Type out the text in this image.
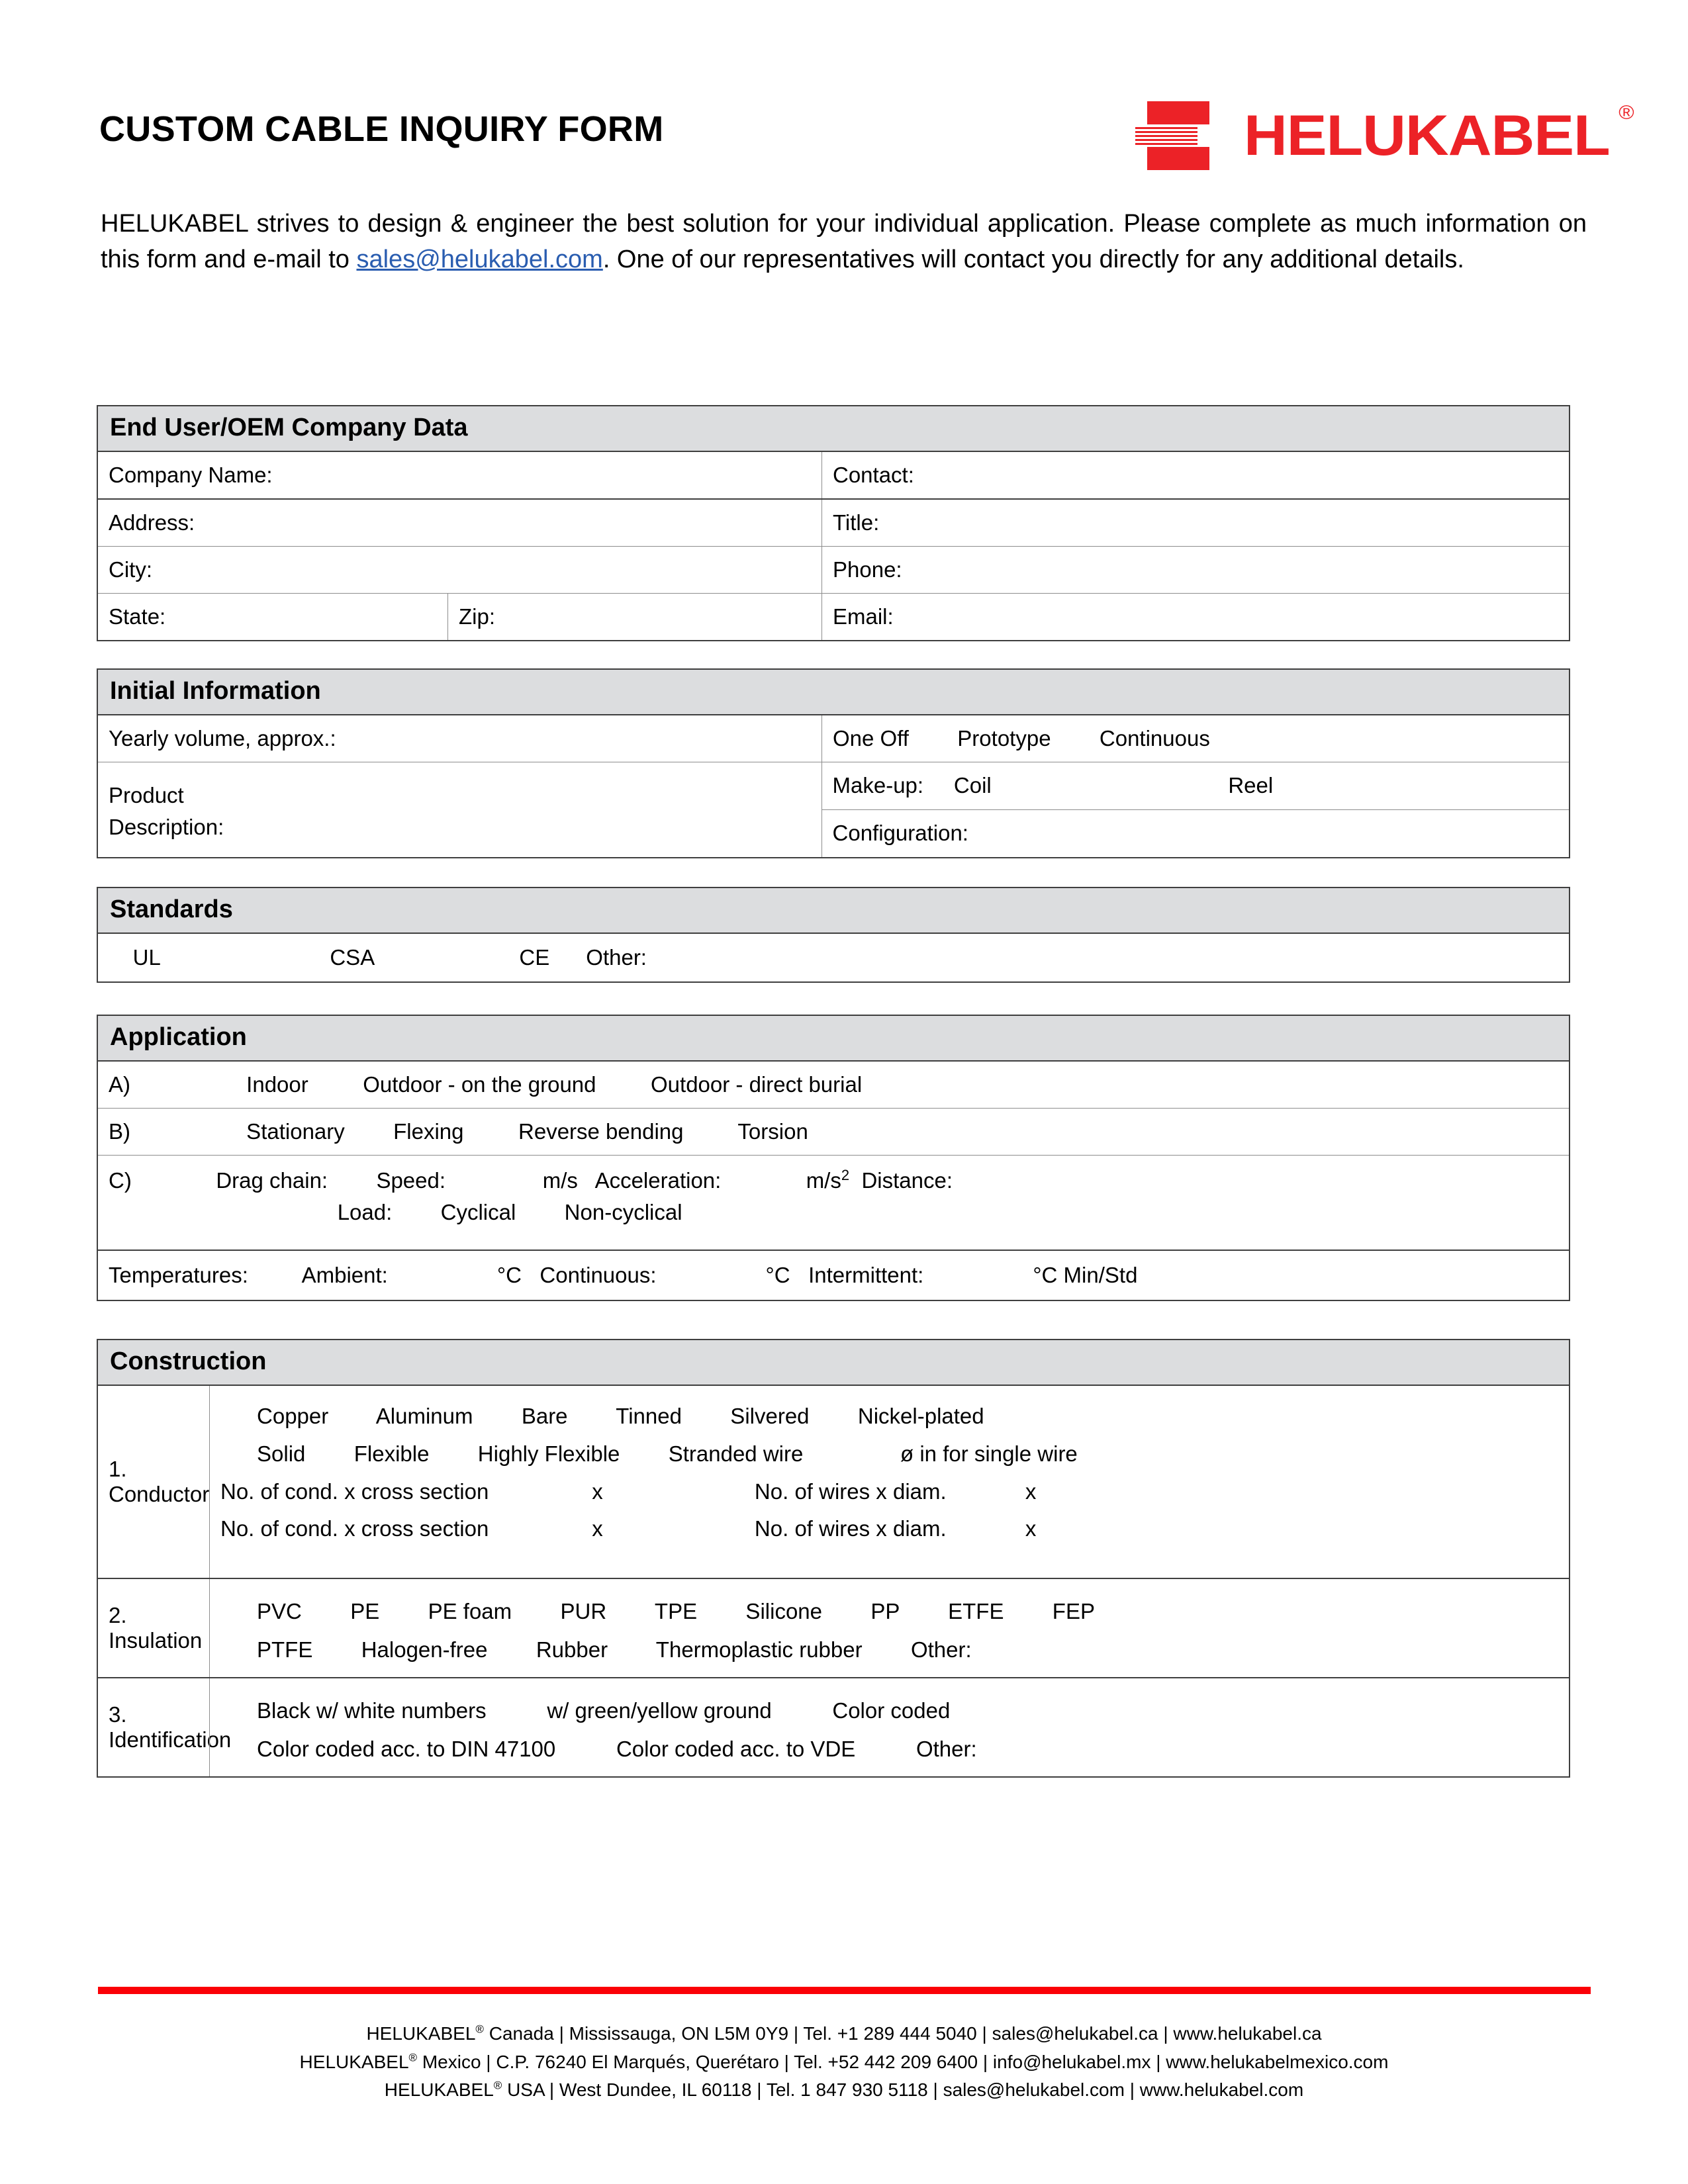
CUSTOM CABLE INQUIRY FORM	HELUKABEL ®
HELUKABEL strives to design & engineer the best solution for your individual application. Please complete as much information on this form and e-mail to sales@helukabel.com. One of our representatives will contact you directly for any additional details.
End User/OEM Company Data
Company Name:	Contact:
Address:	Title:
City:	Phone:
State:	Zip:	Email:
Initial Information
Yearly volume, approx.:	One Off        Prototype        Continuous
Product
Description:
Make-up:     Coil                                       Reel
Configuration:
Standards
UL                            CSA                        CE      Other:
Application
A)	Indoor         Outdoor - on the ground         Outdoor - direct burial
B)	Stationary        Flexing         Reverse bending         Torsion
C)	Drag chain:        Speed:                m/s   Acceleration:              $m/s^2$  Distance:
Load:        Cyclical        Non-cyclical
Temperatures:         Ambient:                  °C   Continuous:                  °C   Intermittent:                  °C Min/Std
Construction
1. Conductor
Copper        Aluminum        Bare        Tinned        Silvered        Nickel-plated
Solid        Flexible        Highly Flexible        Stranded wire                ø in for single wire
No. of cond. x cross section                 x                         No. of wires x diam.             x
No. of cond. x cross section                 x                         No. of wires x diam.             x
2. Insulation
PVC        PE        PE foam        PUR        TPE        Silicone        PP        ETFE        FEP
PTFE        Halogen-free        Rubber        Thermoplastic rubber        Other:
3. Identification
Black w/ white numbers          w/ green/yellow ground          Color coded
Color coded acc. to DIN 47100          Color coded acc. to VDE          Other:
HELUKABEL® Canada | Mississauga, ON L5M 0Y9 | Tel. +1 289 444 5040 | sales@helukabel.ca | www.helukabel.ca
HELUKABEL® Mexico | C.P. 76240 El Marqués, Querétaro | Tel. +52 442 209 6400 | info@helukabel.mx | www.helukabelmexico.com
HELUKABEL® USA | West Dundee, IL 60118 | Tel. 1 847 930 5118 | sales@helukabel.com | www.helukabel.com
